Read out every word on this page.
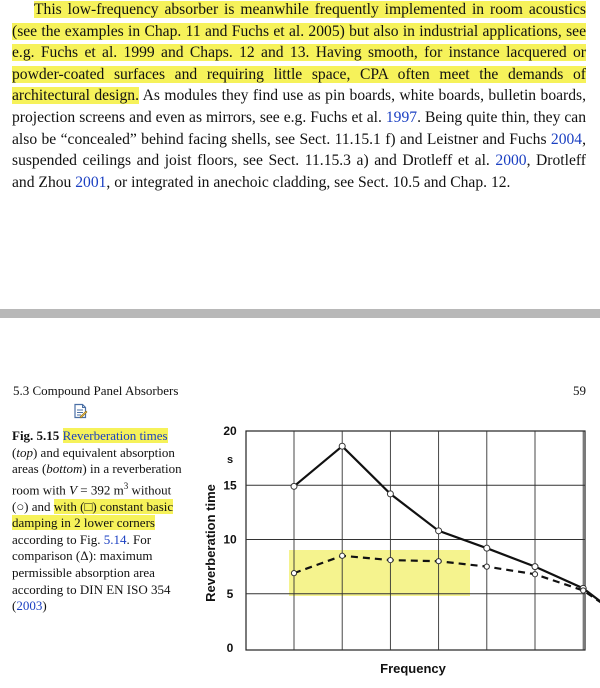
This low-frequency absorber is meanwhile frequently implemented in room acoustics (see the examples in Chap. 11 and Fuchs et al. 2005) but also in industrial applications, see e.g. Fuchs et al. 1999 and Chaps. 12 and 13. Having smooth, for instance lacquered or powder-coated surfaces and requiring little space, CPA often meet the demands of architectural design. As modules they find use as pin boards, white boards, bulletin boards, projection screens and even as mirrors, see e.g. Fuchs et al. 1997. Being quite thin, they can also be “concealed” behind facing shells, see Sect. 11.15.1 f) and Leistner and Fuchs 2004, suspended ceilings and joist floors, see Sect. 11.15.3 a) and Drotleff et al. 2000, Drotleff and Zhou 2001, or integrated in anechoic cladding, see Sect. 10.5 and Chap. 12.
5.3 Compound Panel Absorbers	59
Fig. 5.15 Reverberation times (top) and equivalent absorption areas (bottom) in a reverberation room with V = 392 $m^3$ without (○) and with (□) constant basic damping in 2 lower corners according to Fig. 5.14. For comparison (Δ): maximum permissible absorption area according to DIN EN ISO 354 (2003)
0
5
10
15
20
s
Reverberation time
Frequency
